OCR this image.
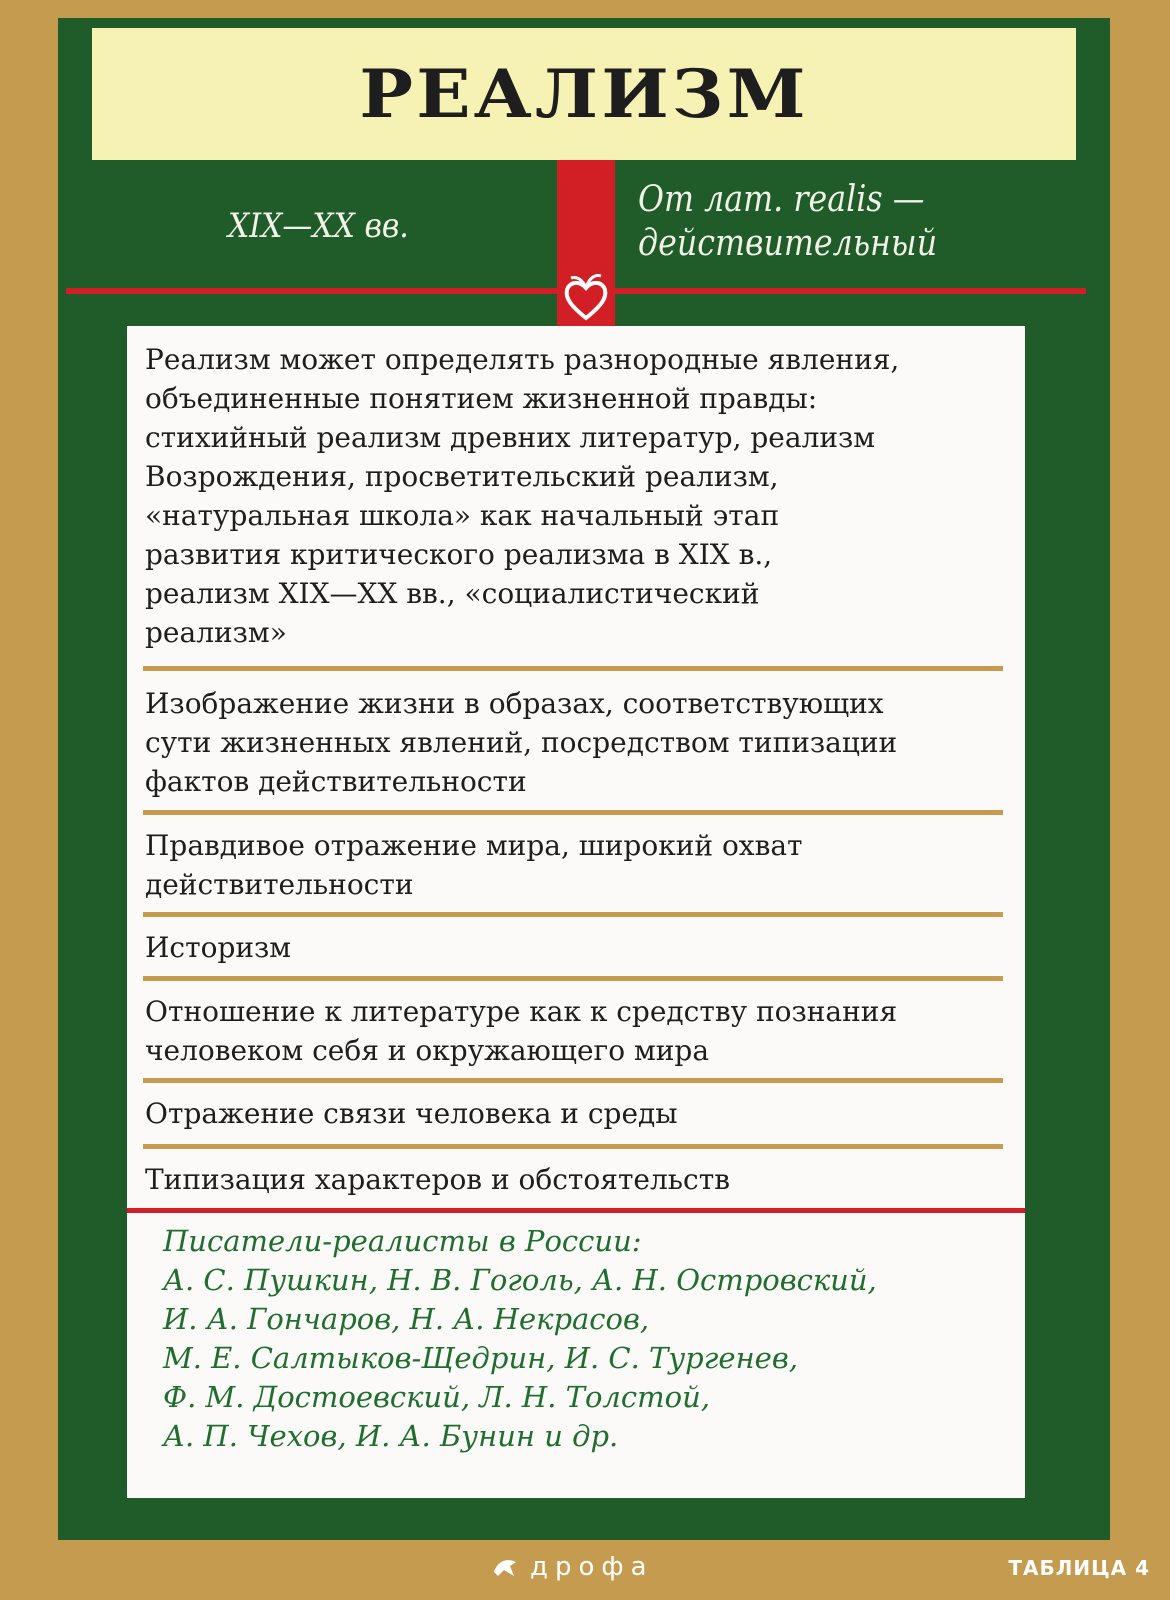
РЕАЛИЗМ
XIX—XX вв.
От лат. realis —
действительный
Реализм может определять разнородные явления,
объединенные понятием жизненной правды:
стихийный реализм древних литератур, реализм
Возрождения, просветительский реализм,
«натуральная школа» как начальный этап
развития критического реализма в XIX в.,
реализм XIX—XX вв., «социалистический
реализм»
Изображение жизни в образах, соответствующих
сути жизненных явлений, посредством типизации
фактов действительности
Правдивое отражение мира, широкий охват
действительности
Историзм
Отношение к литературе как к средству познания
человеком себя и окружающего мира
Отражение связи человека и среды
Типизация характеров и обстоятельств
Писатели-реалисты в России:
А. С. Пушкин, Н. В. Гоголь, А. Н. Островский,
И. А. Гончаров, Н. А. Некрасов,
М. Е. Салтыков-Щедрин, И. С. Тургенев,
Ф. М. Достоевский, Л. Н. Толстой,
А. П. Чехов, И. А. Бунин и др.
дрофа	ТАБЛИЦА 4
